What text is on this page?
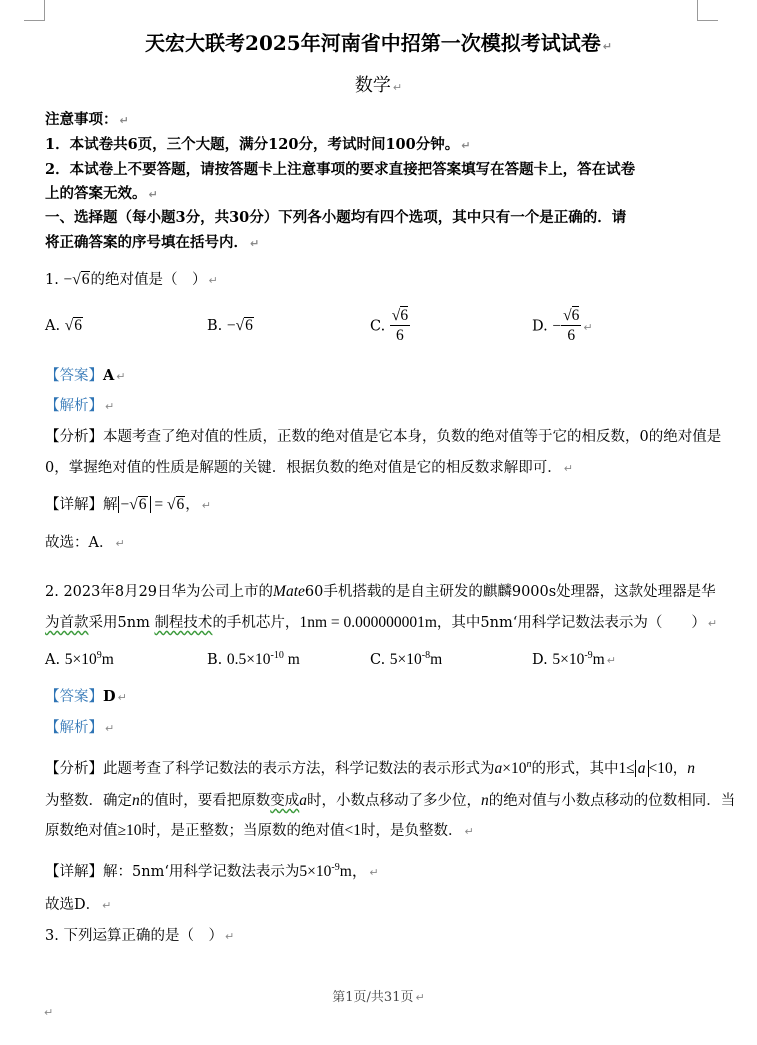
天宏大联考2025年河南省中招第一次模拟考试试卷 ↵
数学 ↵
注意事项： ↵
1．本试卷共6页，三个大题，满分120分，考试时间100分钟。 ↵
2．本试卷上不要答题，请按答题卡上注意事项的要求直接把答案填写在答题卡上，答在试卷
上的答案无效。 ↵
一、选择题（每小题3分，共30分）下列各小题均有四个选项，其中只有一个是正确的．请
将正确答案的序号填在括号内． ↵
1. −√6的绝对值是（　） ↵
A. √6	B. −√6	C. $\frac{√6}{6}$	D. − $\frac{√6}{6}$ ↵
【答案】A ↵
【解析】 ↵
【分析】本题考查了绝对值的性质，正数的绝对值是它本身，负数的绝对值等于它的相反数，0的绝对值是
0，掌握绝对值的性质是解题的关键．根据负数的绝对值是它的相反数求解即可． ↵
【详解】解 −√6 = √6， ↵
故选：A． ↵
2. 2023年8月29日华为公司上市的Mate60手机搭载的是自主研发的麒麟9000s处理器，这款处理器是华
为首款采用5nm 制程技术的手机芯片，1nm = 0.000000001m，其中5nm‘用科学记数法表示为（　　） ↵
A. $5\times 10^9m$	B. $0.5\times 10^{-10}$ m	C. $5\times 10^{-8}m$	D. $5\times 10^{-9}m$ ↵
【答案】D ↵
【解析】 ↵
【分析】此题考查了科学记数法的表示方法，科学记数法的表示形式为$a\times 10^n$的形式，其中1≤ a <10，n
为整数．确定n的值时，要看把原数变成a时，小数点移动了多少位，n的绝对值与小数点移动的位数相同．当
原数绝对值≥10时，是正整数；当原数的绝对值<1时，是负整数． ↵
【详解】解：5nm‘用科学记数法表示为$5\times 10^{-9}m$， ↵
故选D． ↵
3. 下列运算正确的是（　） ↵
第1页/共31页 ↵
↵
